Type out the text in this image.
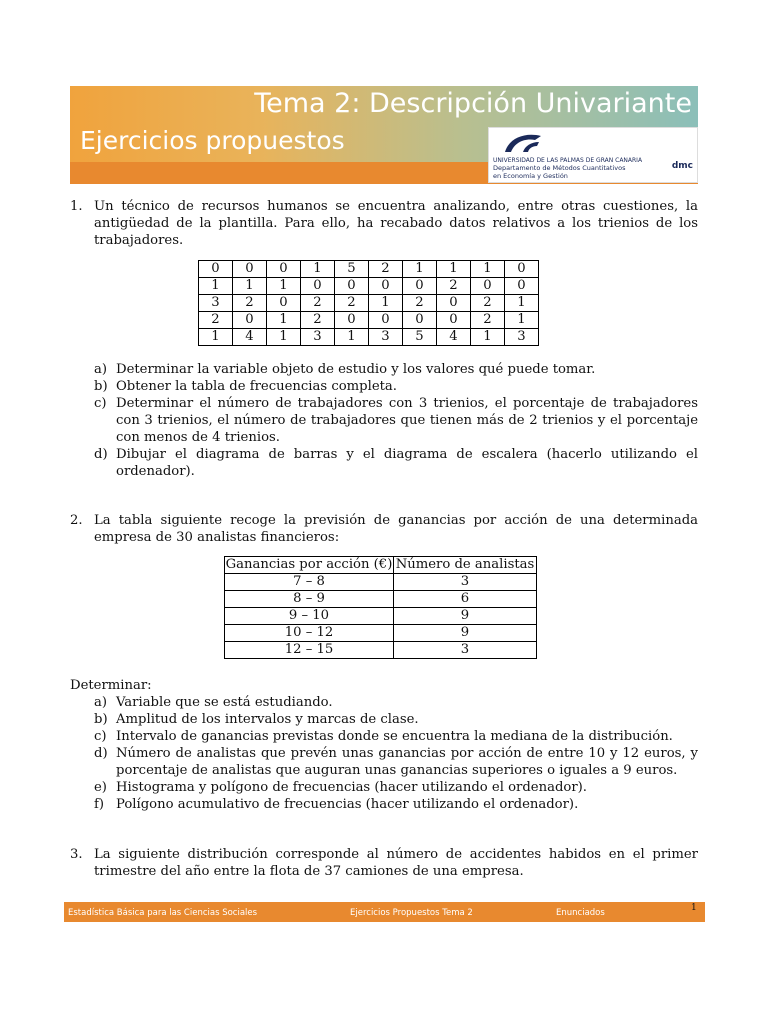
Tema 2: Descripción Univariante
Ejercicios propuestos
UNIVERSIDAD DE LAS PALMAS DE GRAN CANARIA
Departamento de Métodos Cuantitativos
en Economía y Gestión
dmc
1. Un técnico de recursos humanos se encuentra analizando, entre otras cuestiones, la antigüedad de la plantilla. Para ello, ha recabado datos relativos a los trienios de los trabajadores.
0	0	0	1	5	2	1	1	1	0
1	1	1	0	0	0	0	2	0	0
3	2	0	2	2	1	2	0	2	1
2	0	1	2	0	0	0	0	2	1
1	4	1	3	1	3	5	4	1	3
a) Determinar la variable objeto de estudio y los valores qué puede tomar.
b) Obtener la tabla de frecuencias completa.
c) Determinar el número de trabajadores con 3 trienios, el porcentaje de trabajadores con 3 trienios, el número de trabajadores que tienen más de 2 trienios y el porcentaje con menos de 4 trienios.
d) Dibujar el diagrama de barras y el diagrama de escalera (hacerlo utilizando el ordenador).
2. La tabla siguiente recoge la previsión de ganancias por acción de una determinada empresa de 30 analistas financieros:
Ganancias por acción (€)	Número de analistas
7 – 8	3
8 – 9	6
9 – 10	9
10 – 12	9
12 – 15	3
Determinar:
a) Variable que se está estudiando.
b) Amplitud de los intervalos y marcas de clase.
c) Intervalo de ganancias previstas donde se encuentra la mediana de la distribución.
d) Número de analistas que prevén unas ganancias por acción de entre 10 y 12 euros, y porcentaje de analistas que auguran unas ganancias superiores o iguales a 9 euros.
e) Histograma y polígono de frecuencias (hacer utilizando el ordenador).
f) Polígono acumulativo de frecuencias (hacer utilizando el ordenador).
3. La siguiente distribución corresponde al número de accidentes habidos en el primer trimestre del año entre la flota de 37 camiones de una empresa.
Estadística Básica para las Ciencias Sociales	Ejercicios Propuestos Tema 2	Enunciados	1
